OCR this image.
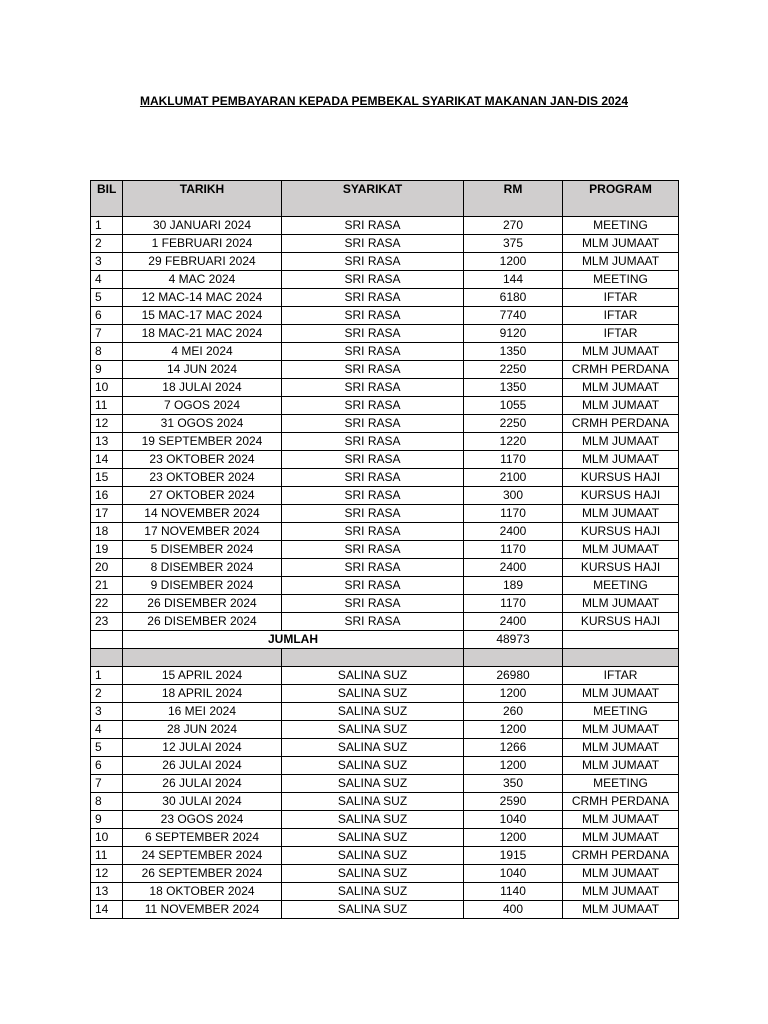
MAKLUMAT PEMBAYARAN KEPADA PEMBEKAL SYARIKAT MAKANAN JAN-DIS 2024
BIL	TARIKH	SYARIKAT	RM	PROGRAM
1	30 JANUARI 2024	SRI RASA	270	MEETING
2	1 FEBRUARI 2024	SRI RASA	375	MLM JUMAAT
3	29 FEBRUARI 2024	SRI RASA	1200	MLM JUMAAT
4	4 MAC 2024	SRI RASA	144	MEETING
5	12 MAC-14 MAC 2024	SRI RASA	6180	IFTAR
6	15 MAC-17 MAC 2024	SRI RASA	7740	IFTAR
7	18 MAC-21 MAC 2024	SRI RASA	9120	IFTAR
8	4 MEI 2024	SRI RASA	1350	MLM JUMAAT
9	14 JUN 2024	SRI RASA	2250	CRMH PERDANA
10	18 JULAI 2024	SRI RASA	1350	MLM JUMAAT
11	7 OGOS 2024	SRI RASA	1055	MLM JUMAAT
12	31 OGOS 2024	SRI RASA	2250	CRMH PERDANA
13	19 SEPTEMBER 2024	SRI RASA	1220	MLM JUMAAT
14	23 OKTOBER 2024	SRI RASA	1170	MLM JUMAAT
15	23 OKTOBER 2024	SRI RASA	2100	KURSUS HAJI
16	27 OKTOBER 2024	SRI RASA	300	KURSUS HAJI
17	14 NOVEMBER 2024	SRI RASA	1170	MLM JUMAAT
18	17 NOVEMBER 2024	SRI RASA	2400	KURSUS HAJI
19	5 DISEMBER 2024	SRI RASA	1170	MLM JUMAAT
20	8 DISEMBER 2024	SRI RASA	2400	KURSUS HAJI
21	9 DISEMBER 2024	SRI RASA	189	MEETING
22	26 DISEMBER 2024	SRI RASA	1170	MLM JUMAAT
23	26 DISEMBER 2024	SRI RASA	2400	KURSUS HAJI
	JUMLAH		48973	

1	15 APRIL 2024	SALINA SUZ	26980	IFTAR
2	18 APRIL 2024	SALINA SUZ	1200	MLM JUMAAT
3	16 MEI 2024	SALINA SUZ	260	MEETING
4	28 JUN 2024	SALINA SUZ	1200	MLM JUMAAT
5	12 JULAI 2024	SALINA SUZ	1266	MLM JUMAAT
6	26 JULAI 2024	SALINA SUZ	1200	MLM JUMAAT
7	26 JULAI 2024	SALINA SUZ	350	MEETING
8	30 JULAI 2024	SALINA SUZ	2590	CRMH PERDANA
9	23 OGOS 2024	SALINA SUZ	1040	MLM JUMAAT
10	6 SEPTEMBER 2024	SALINA SUZ	1200	MLM JUMAAT
11	24 SEPTEMBER 2024	SALINA SUZ	1915	CRMH PERDANA
12	26 SEPTEMBER 2024	SALINA SUZ	1040	MLM JUMAAT
13	18 OKTOBER 2024	SALINA SUZ	1140	MLM JUMAAT
14	11 NOVEMBER 2024	SALINA SUZ	400	MLM JUMAAT
